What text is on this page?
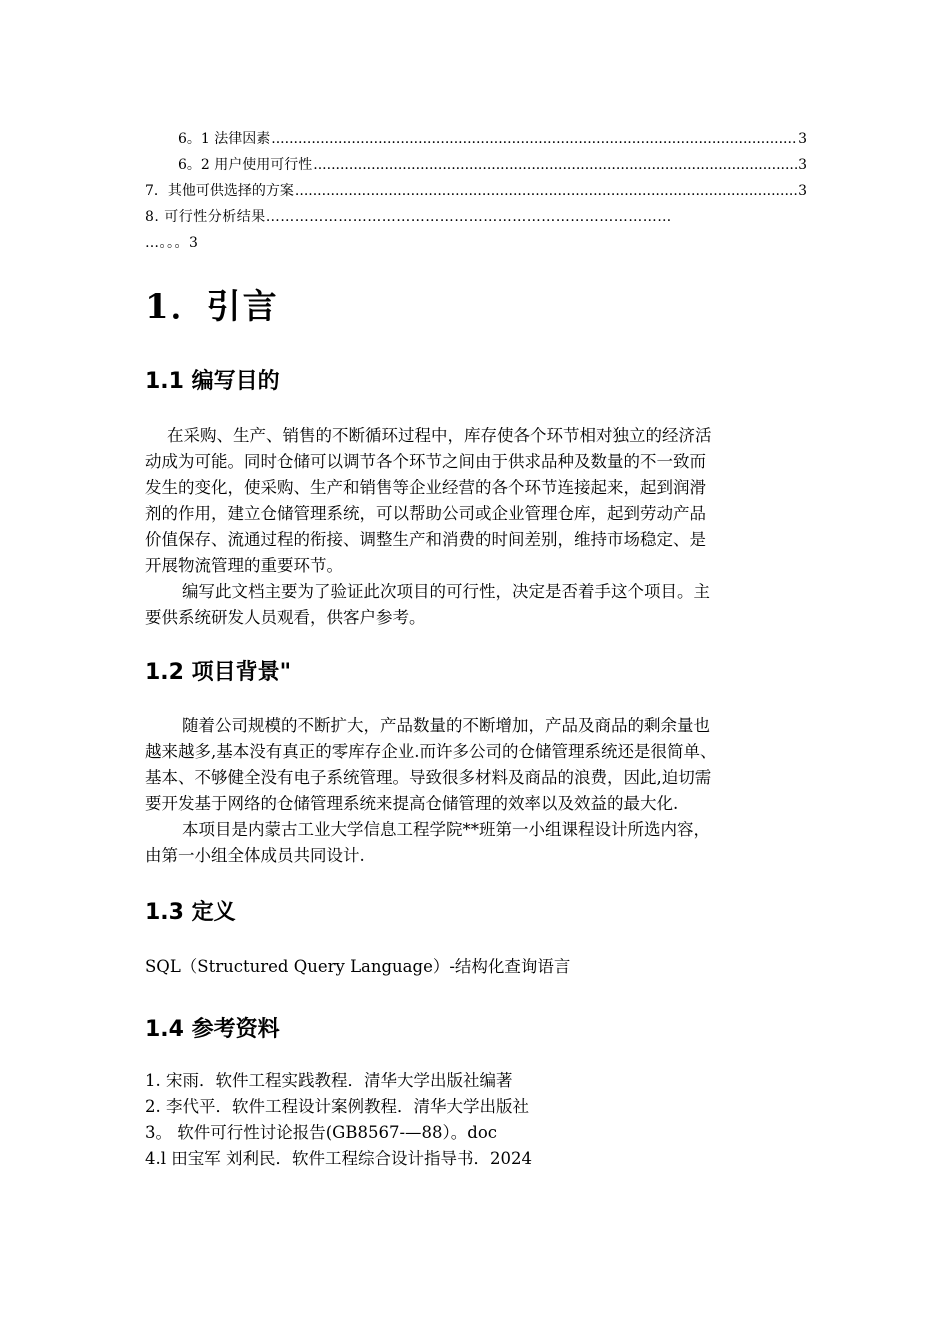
6。1 法律因素 .....	3
6。2 用户使用可行性 .....	3
7．其他可供选择的方案 .....	3
8. 可行性分析结果…………………………………………………………………………
…。。。3
1．引言
1.1 编写目的
在采购、生产、销售的不断循环过程中，库存使各个环节相对独立的经济活
动成为可能。同时仓储可以调节各个环节之间由于供求品种及数量的不一致而
发生的变化，使采购、生产和销售等企业经营的各个环节连接起来，起到润滑
剂的作用，建立仓储管理系统，可以帮助公司或企业管理仓库，起到劳动产品
价值保存、流通过程的衔接、调整生产和消费的时间差别，维持市场稳定、是
开展物流管理的重要环节。
编写此文档主要为了验证此次项目的可行性，决定是否着手这个项目。主
要供系统研发人员观看，供客户参考。
1.2 项目背景"
随着公司规模的不断扩大，产品数量的不断增加，产品及商品的剩余量也
越来越多,基本没有真正的零库存企业.而许多公司的仓储管理系统还是很简单、
基本、不够健全没有电子系统管理。导致很多材料及商品的浪费，因此,迫切需
要开发基于网络的仓储管理系统来提高仓储管理的效率以及效益的最大化.
本项目是内蒙古工业大学信息工程学院**班第一小组课程设计所选内容，
由第一小组全体成员共同设计.
1.3 定义
SQL（Structured Query Language）-结构化查询语言
1.4 参考资料
1. 宋雨．软件工程实践教程．清华大学出版社编著
2. 李代平．软件工程设计案例教程．清华大学出版社
3。 软件可行性讨论报告(GB8567-—88）。doc
4.l 田宝军 刘利民．软件工程综合设计指导书．2024
